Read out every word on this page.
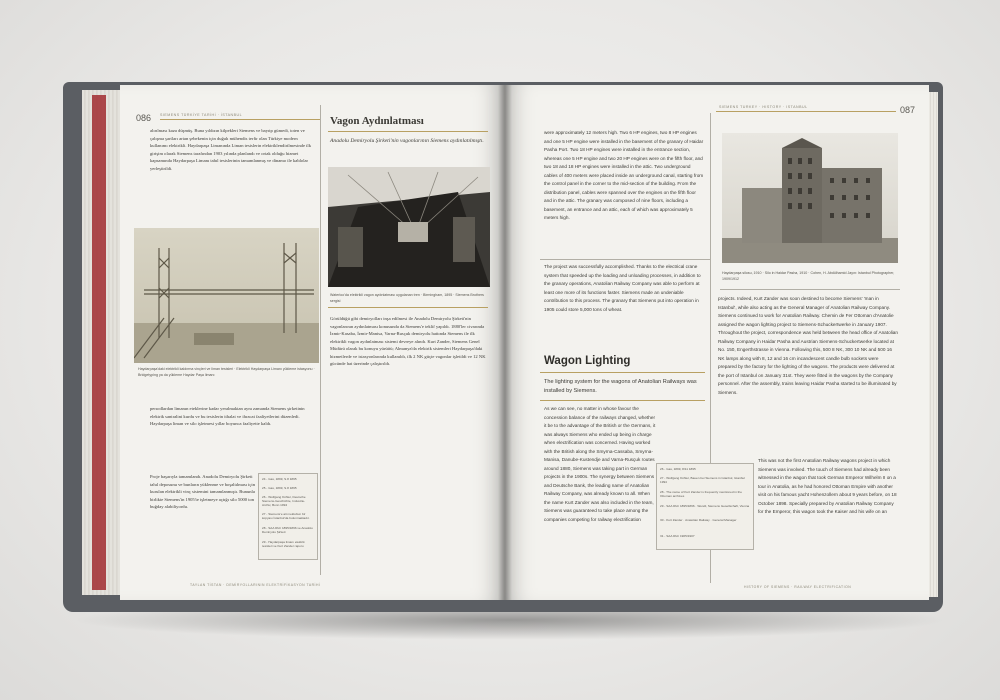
086 SIEMENS TÜRKİYE TARİHİ · İSTANBUL
alırılması kaza düşmüş. Buna yıldızın kilpekleri Siemens ve bayıtp gümedi, toten ve çalışma şartları artan şebekenin için duğalı mühendis terfir olan Türkiye modern kullanımı elektrikli. Haydarpaşa Limanında Liman tesislerin elektriklendirilmesinde ilk girişim olarak Siemens tarafından 1903 yılında planlandı ve ortak olduğu hizmet kapsamında Haydarpaşa Limanı tahıl tesislerinin tamamlanmış ve dinamo ile kablolar yerleştirildi.
Haydarpaşa'daki elektrikli kaldırma vinçleri ve liman tesisleri · Elektrikli Haydarpaşa Limanı yükleme istasyonu · Bridgetyping ya da yükleme Haydar Paşa limanı
perıodlardan limanın eteklerine kadar yeralmaktan aynı zamanda Siemens şirketinin elektrik santralini kurdu ve bu tesislerin ithalat ve ihracat faaliyetlerini düzenledi. Haydarpaşa liman ve silo işletmesi yıllar boyunca faaliyette kaldı.
Proje başarıyla tamamlandı. Anadolu Demiryolu Şirketi tahıl deposunu ve bunların yüklenme ve boşaltılması için kurulan elektrikli vinç sistemini tamamlanmıştı. Bununla birlikte Siemens'in 1905'te işletmeye açtığı silo 5000 ton buğday alabiliyordu.
24 - Gas, 1899, S.8 1895
25 - Gas, 1899, S.8 1895
26 - Wolfgang Köhler, Deutsche Siemens-Geschichte, Industrie-Archiv, Bonn 1994
27 - Siemens'e ait mektubun bir kopyası İstanbul'da bulunmaktadır.
28 - SAA 8/Lh 1895/1896 ve Anadolu Demiryolu Şirketi
29 - Haydarpaşa limanı elektrik tesisleri ve Kurt Zander raporu
Vagon Aydınlatması
Anadolu Demiryolu Şirketi'nin vagonlarının Siemens aydınlatılmıştı.
Waterloo'da elektrikli vagon aydınlatması uygulanan tren · Birmingham, 1895 · Siemens Brothers sergisi
Görüldüğü gibi demiryolları inşa edilmesi ile Anadolu Demiryolu Şirketi'nin vagonlarının aydınlatması konusunda da Siemens'e teklif yapıldı. 1880'ler civarında İzmir-Kasaba, İzmir-Manisa, Varna-Rusçuk demiryolu hattında Siemens ile ilk elektrikli vagon aydınlatması sistemi devreye alındı. Kurt Zander, Siemens Genel Müdürü olarak bu konuyu yürüttü; Almanya'da elektrik sistemleri Haydarpaşa'daki hizmetlerde ve istasyonlarında kullanıldı, ilk 2 NK güçte vagonlar işletildi ve 12 NK gücünde hat üzerinde çalıştırıldı.
TAYLAN TİSTAN · DEMİRYOLLARININ ELEKTRİFİKASYON TARİHİ
SIEMENS TURKEY · HISTORY · ISTANBUL	087
were approximately 12 meters high. Two 6 HP engines, two 8 HP engines and one 5 HP engine were installed in the basement of the granary of Haidar Pasha Port. Two 18 HP engines were installed in the entrance section, whereas one 5 HP engine and two 20 HP engines were on the fifth floor, and two 18 and 18 HP engines were installed in the attic. Two underground cables of 400 meters were placed inside an underground canal, starting from the control panel in the corner to the mid-section of the building. From the distribution panel, cables were spanned over the engines on the fifth floor and in the attic. The granary was composed of nine floors, including a basement, an entrance and an attic, each of which was approximately 5 meters high.
The project was successfully accomplished. Thanks to the electrical crane system that speeded up the loading and unloading processes, in addition to the granary operations, Anatolian Railway Company was able to perform at least one more of its functions faster. Siemens made an undeniable contribution to this process. The granary that Siemens put into operation in 1905 could store 5,000 tons of wheat.
Haydarpaşa silosu, 1910 · Silo in Haidar Pasha, 1910 · Cohen, H. Abdülhamid Jayın: Istanbul Photographer, 1909/1912
Wagon Lighting
The lighting system for the wagons of Anatolian Railways was installed by Siemens.
As we can see, no matter in whose favour the concession balance of the railways changed, whether it be to the advantage of the British or the Germans, it was always Siemens who ended up being in charge when electrification was concerned. Having worked with the British along the Smyrna-Cassaba, Smyrna-Manisa, Danube-Kustendje and Varna-Rusçuk routes around 1880, Siemens was taking part in German projects in the 1900s. The synergy between Siemens and Deutsche Bank, the leading name of Anatolian Railway Company, was already known to all. When the name Kurt Zander was also included in the team, Siemens was guaranteed to take place among the companies competing for railway electrification
26 - Gas, 1899, 8/11 1895
27 - Wolfgang Köhler, Bauen bei Siemens in Istanbul, Istanbul 1994
28 - The name of Kurt Zander is frequently mentioned in the Ottoman archives
29 - SAA 8/Lh 1895/1896 · Wendt, Siemens Gesellschaft, Vienna
30 - Kurt Zander · Anatolian Railway · General Manager
31 - SAA 8/Lh 1905/1907
projects. Indeed, Kurt Zander was soon destined to become Siemens' 'man in Istanbul', while also acting as the General Manager of Anatolian Railway Company. Siemens continued to work for Anatolian Railway. Chemin de Fer Ottoman d'Anatolie assigned the wagon lighting project to Siemens-Schuckertwerke in January 1907. Throughout the project, correspondence was held between the head office of Anatolian Railway Company in Haidar Pasha and Austrian Siemens-Schuckertwerke located at No. 150, Engerthstrasse in Vienna. Following this, 500 8 NK, 300 10 NK and 500 16 NK lamps along with 8, 12 and 16 cm incandescent candle bulb sockets were prepared by the factory for the lighting of the wagons. The products were delivered at the port of Istanbul on January 31st. They were fitted in the wagons by the Company personnel. After the assembly, trains leaving Haidar Pasha started to be illuminated by Siemens.
This was not the first Anatolian Railway wagons project in which Siemens was involved. The touch of Siemens had already been witnessed in the wagon that took German Emperor Wilhelm II on a tour in Anatolia, as he had honored Ottoman Empire with another visit on his famous yacht Hohenzollern about 9 years before, on 18 October 1898. Specially prepared by Anatolian Railway Company for the Emperor, this wagon took the Kaiser and his wife on an
HISTORY OF SIEMENS · RAILWAY ELECTRIFICATION
